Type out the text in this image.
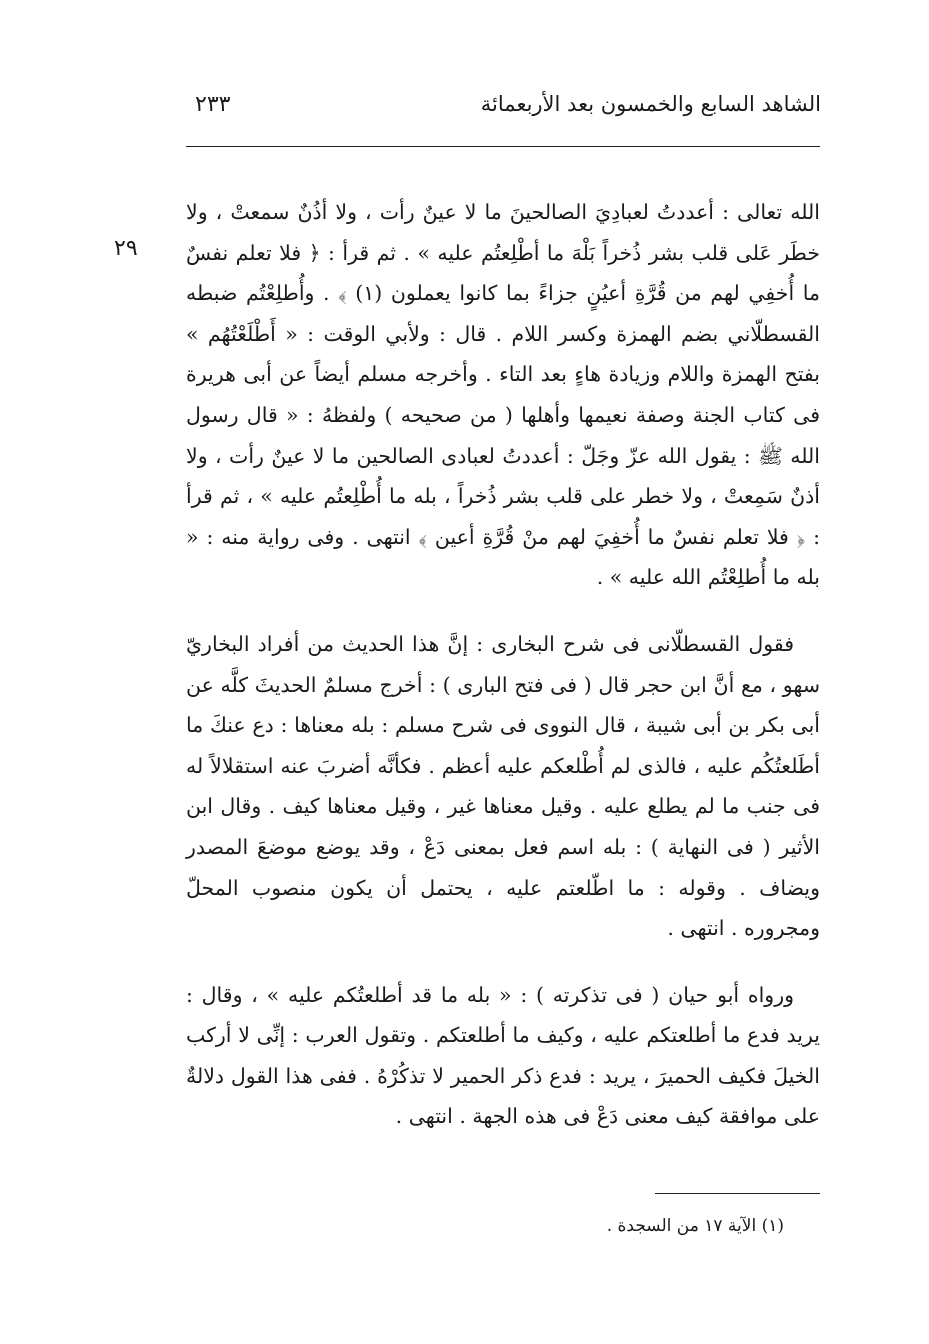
الشاهد السابع والخمسون بعد الأربعمائة
٢٣٣
٢٩

الله تعالى : أعددتُ لعبادِيَ الصالحينَ ما لا عينٌ رأت ، ولا أذُنٌ سمعتْ ، ولا خطَر عَلى قلب بشر ذُخراً بَلْهَ ما أطْلِعتُم عليه » . ثم قرأ : ﴿ فلا تعلم نفسٌ ما أُخفِي لهم من قُرَّةِ أعيُنٍ جزاءً بما كانوا يعملون (١) ﴾ . وأُطلِعْتُم ضبطه القسطلّاني بضم الهمزة وكسر اللام . قال : ولأبي الوقت : « أَطْلَعْتُهُم » بفتح الهمزة واللام وزيادة هاءٍ بعد التاء . وأخرجه مسلم أيضاً عن أبى هريرة فى كتاب الجنة وصفة نعيمها وأهلها ( من صحيحه ) ولفظهُ : « قال رسول الله ﷺ : يقول الله عزّ وجَلّ : أعددتُ لعبادى الصالحين ما لا عينٌ رأت ، ولا أذنٌ سَمِعتْ ، ولا خطر على قلب بشر ذُخراً ، بله ما أُطْلِعتُم عليه » ، ثم قرأ : ﴿ فلا تعلم نفسٌ ما أُخفِيَ لهم منْ قُرَّةِ أعين ﴾ انتهى . وفى رواية منه : « بله ما أُطلِعْتُم الله عليه » .

فقول القسطلّانى فى شرح البخارى : إنَّ هذا الحديث من أفراد البخاريّ سهو ، مع أنَّ ابن حجر قال ( فى فتح البارى ) : أخرج مسلمٌ الحديثَ كلَّه عن أبى بكر بن أبى شيبة ، قال النووى فى شرح مسلم : بله معناها : دع عنكَ ما أطَلعتُكُم عليه ، فالذى لم أُطْلعكم عليه أعظم . فكأنَّه أضربَ عنه استقلالاً له فى جنب ما لم يطلع عليه . وقيل معناها غير ، وقيل معناها كيف . وقال ابن الأثير ( فى النهاية ) : بله اسم فعل بمعنى دَعْ ، وقد يوضع موضعَ المصدر ويضاف . وقوله : ما اطّلعتم عليه ، يحتمل أن يكون منصوب المحلّ ومجروره . انتهى .

ورواه أبو حيان ( فى تذكرته ) : « بله ما قد أطلعتُكم عليه » ، وقال : يريد فدع ما أطلعتكم عليه ، وكيف ما أطلعتكم . وتقول العرب : إنِّى لا أركب الخيلَ فكيف الحميرَ ، يريد : فدع ذكر الحمير لا تذكُرْهُ . ففى هذا القول دلالةٌ على موافقة كيف معنى دَعْ فى هذه الجهة . انتهى .

(١) الآية ١٧ من السجدة .
